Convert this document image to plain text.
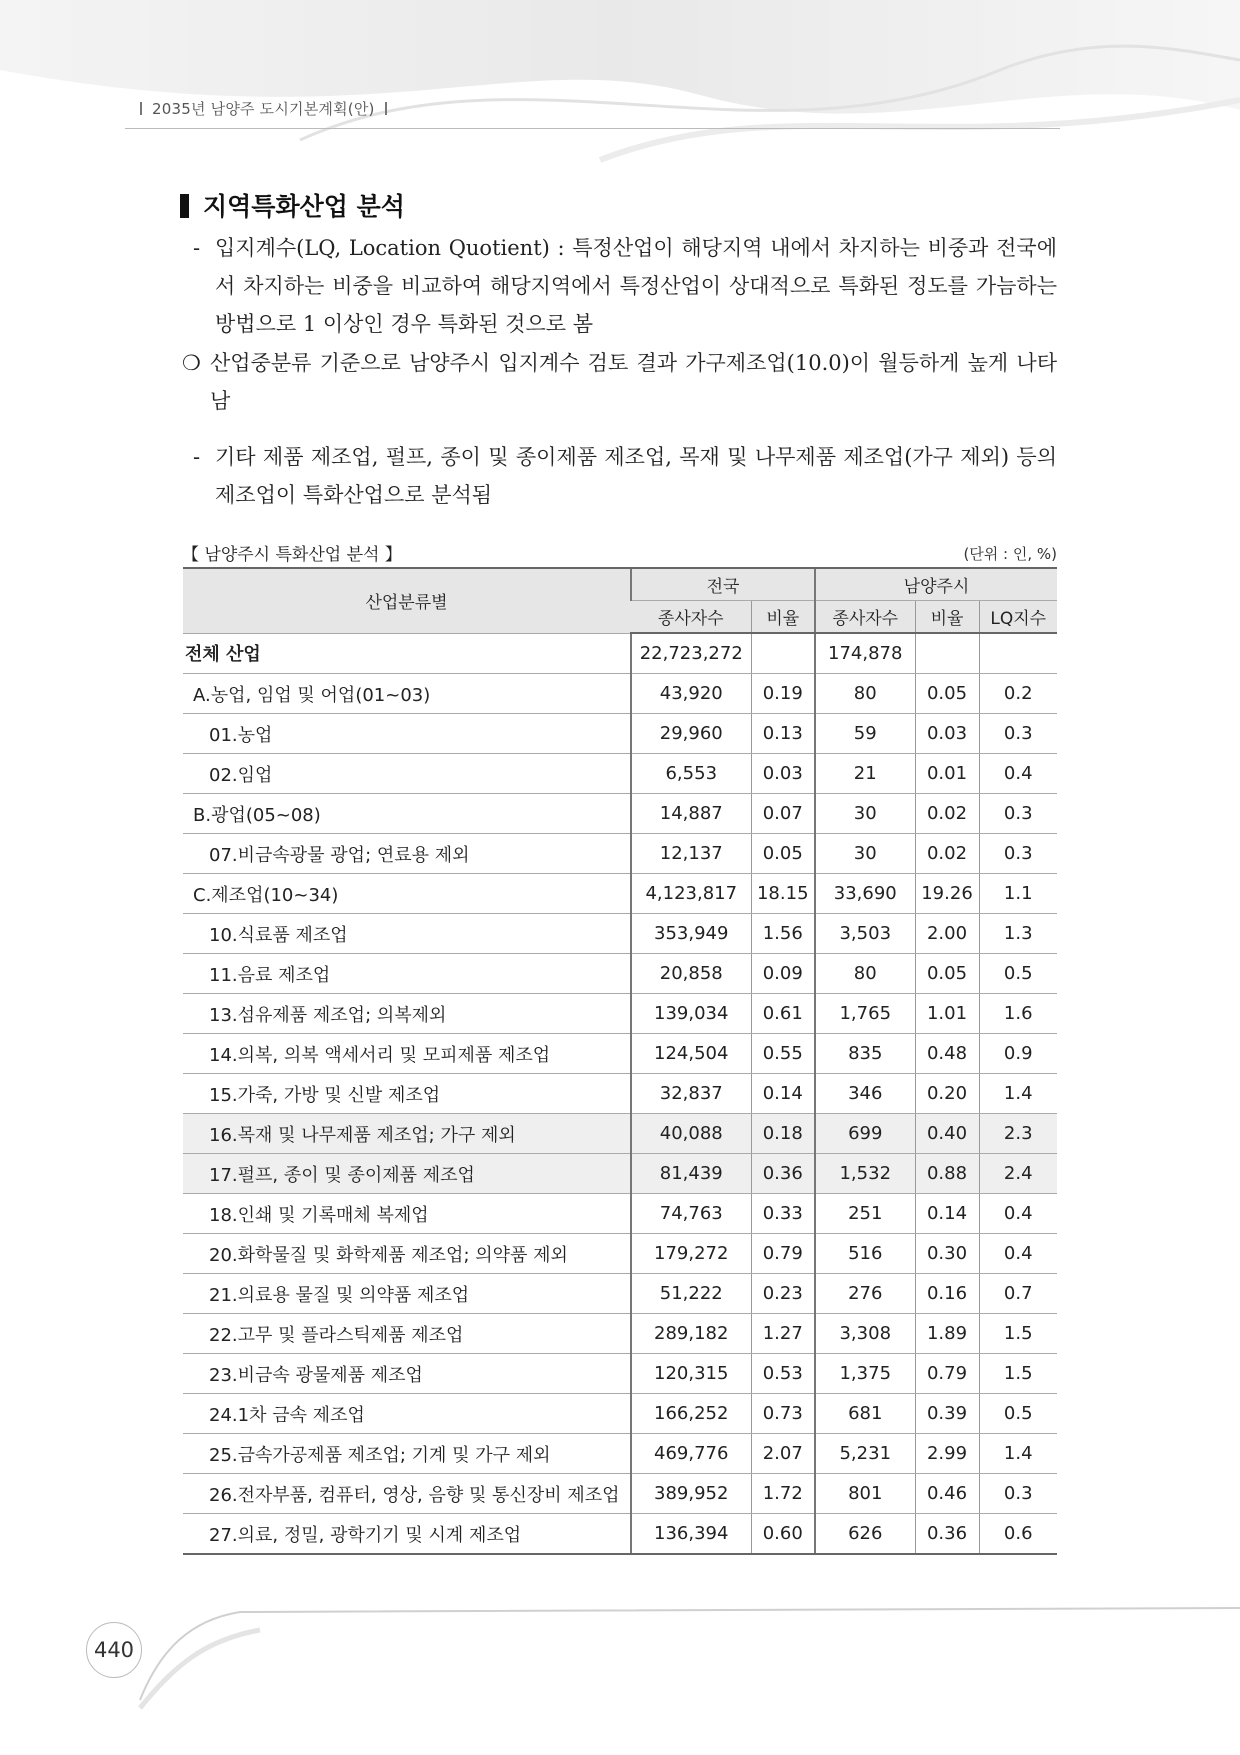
2035년 남양주 도시기본계획(안)
지역특화산업 분석
- 입지계수(LQ, Location Quotient) : 특정산업이 해당지역 내에서 차지하는 비중과 전국에서 차지하는 비중을 비교하여 해당지역에서 특정산업이 상대적으로 특화된 정도를 가늠하는 방법으로 1 이상인 경우 특화된 것으로 봄
❍ 산업중분류 기준으로 남양주시 입지계수 검토 결과 가구제조업(10.0)이 월등하게 높게 나타남
- 기타 제품 제조업, 펄프, 종이 및 종이제품 제조업, 목재 및 나무제품 제조업(가구 제외) 등의 제조업이 특화산업으로 분석됨
【 남양주시 특화산업 분석 】	(단위 : 인, %)
산업분류별	전국		남양주시		
	종사자수	비율	종사자수	비율	LQ지수
전체 산업	22,723,272		174,878		
A.농업, 임업 및 어업(01~03)	43,920	0.19	80	0.05	0.2
01.농업	29,960	0.13	59	0.03	0.3
02.임업	6,553	0.03	21	0.01	0.4
B.광업(05~08)	14,887	0.07	30	0.02	0.3
07.비금속광물 광업; 연료용 제외	12,137	0.05	30	0.02	0.3
C.제조업(10~34)	4,123,817	18.15	33,690	19.26	1.1
10.식료품 제조업	353,949	1.56	3,503	2.00	1.3
11.음료 제조업	20,858	0.09	80	0.05	0.5
13.섬유제품 제조업; 의복제외	139,034	0.61	1,765	1.01	1.6
14.의복, 의복 액세서리 및 모피제품 제조업	124,504	0.55	835	0.48	0.9
15.가죽, 가방 및 신발 제조업	32,837	0.14	346	0.20	1.4
16.목재 및 나무제품 제조업; 가구 제외	40,088	0.18	699	0.40	2.3
17.펄프, 종이 및 종이제품 제조업	81,439	0.36	1,532	0.88	2.4
18.인쇄 및 기록매체 복제업	74,763	0.33	251	0.14	0.4
20.화학물질 및 화학제품 제조업; 의약품 제외	179,272	0.79	516	0.30	0.4
21.의료용 물질 및 의약품 제조업	51,222	0.23	276	0.16	0.7
22.고무 및 플라스틱제품 제조업	289,182	1.27	3,308	1.89	1.5
23.비금속 광물제품 제조업	120,315	0.53	1,375	0.79	1.5
24.1차 금속 제조업	166,252	0.73	681	0.39	0.5
25.금속가공제품 제조업; 기계 및 가구 제외	469,776	2.07	5,231	2.99	1.4
26.전자부품, 컴퓨터, 영상, 음향 및 통신장비 제조업	389,952	1.72	801	0.46	0.3
27.의료, 정밀, 광학기기 및 시계 제조업	136,394	0.60	626	0.36	0.6
440
